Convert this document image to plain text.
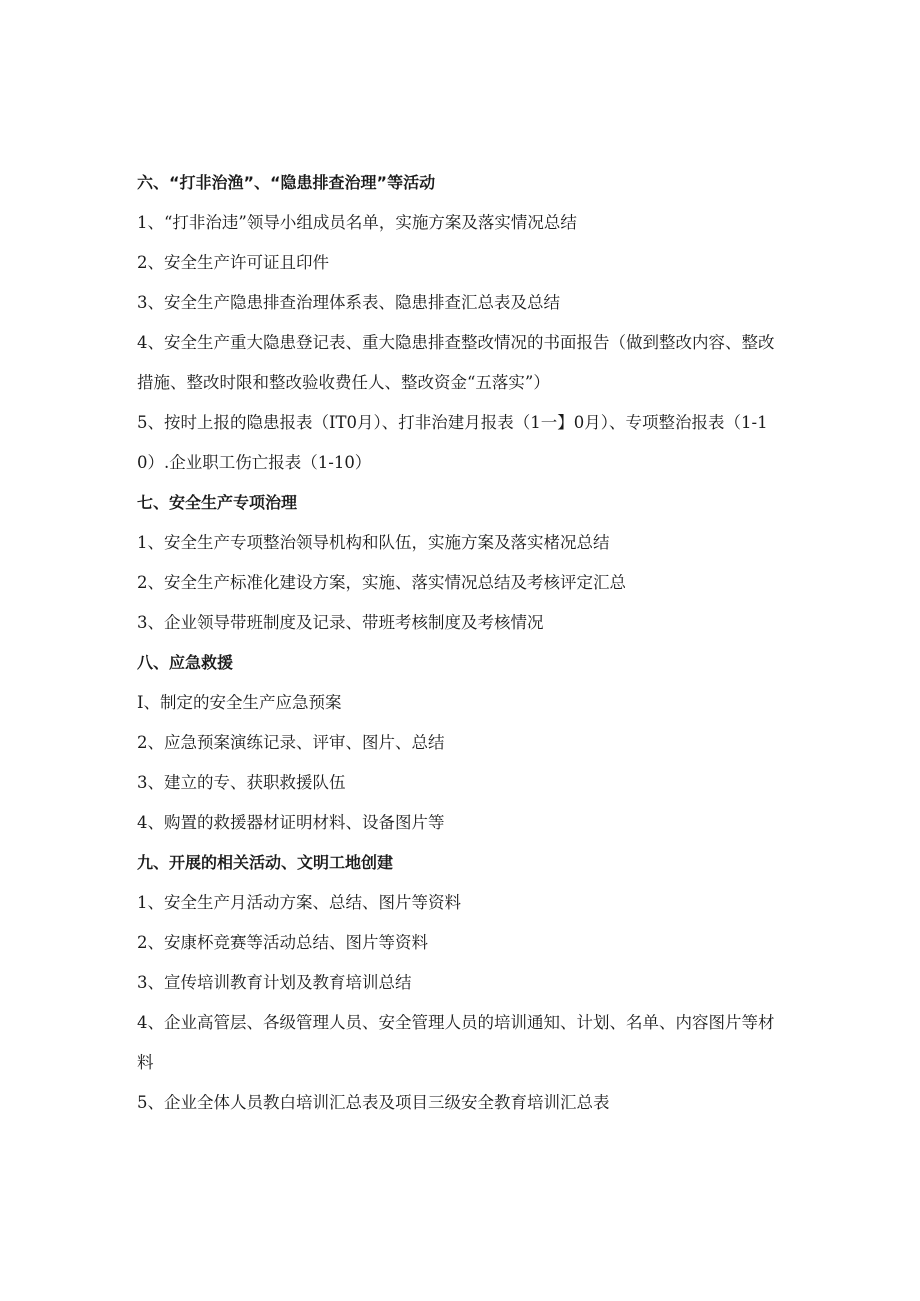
六、“打非治渔”、“隐患排查治理”等活动
1、“打非治违”领导小组成员名单，实施方案及落实情况总结
2、安全生产许可证且印件
3、安全生产隐患排查治理体系表、隐患排查汇总表及总结
4、安全生产重大隐患登记表、重大隐患排查整改情况的书面报告（做到整改内容、整改措施、整改时限和整改验收费任人、整改资金“五落实”）
5、按时上报的隐患报表（IT0月）、打非治建月报表（1一】0月）、专项整治报表（1-10）.企业职工伤亡报表（1-10）
七、安全生产专项治理
1、安全生产专项整治领导机构和队伍，实施方案及落实楮况总结
2、安全生产标准化建设方案，实施、落实情况总结及考核评定汇总
3、企业领导带班制度及记录、带班考核制度及考核情况
八、应急救援
I、制定的安全生产应急预案
2、应急预案演练记录、评审、图片、总结
3、建立的专、获职救援队伍
4、购置的救援器材证明材料、设备图片等
九、开展的相关活动、文明工地创建
1、安全生产月活动方案、总结、图片等资料
2、安康杯竞赛等活动总结、图片等资料
3、宣传培训教育计划及教育培训总结
4、企业高管层、各级管理人员、安全管理人员的培训通知、计划、名单、内容图片等材料
5、企业全体人员教白培训汇总表及项目三级安全教育培训汇总表
